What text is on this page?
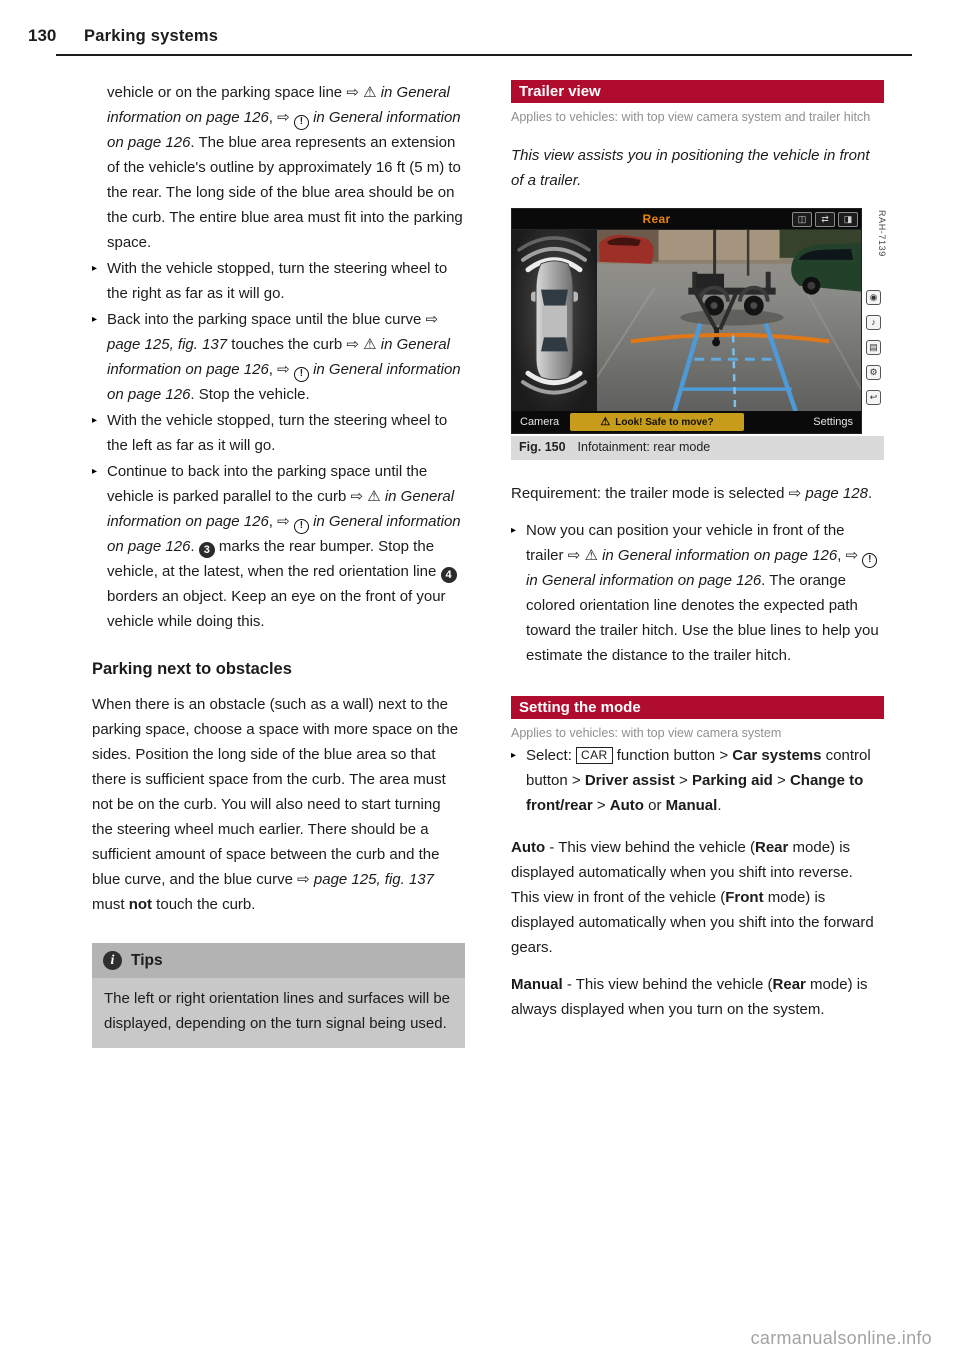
130 Parking systems
vehicle or on the parking space line ⇨ ⚠ in General information on page 126, ⇨ ! in General information on page 126. The blue area represents an extension of the vehicle's outline by approximately 16 ft (5 m) to the rear. The long side of the blue area should be on the curb. The entire blue area must fit into the parking space.
▸ With the vehicle stopped, turn the steering wheel to the right as far as it will go.
▸ Back into the parking space until the blue curve ⇨ page 125, fig. 137 touches the curb ⇨ ⚠ in General information on page 126, ⇨ ! in General information on page 126. Stop the vehicle.
▸ With the vehicle stopped, turn the steering wheel to the left as far as it will go.
▸ Continue to back into the parking space until the vehicle is parked parallel to the curb ⇨ ⚠ in General information on page 126, ⇨ ! in General information on page 126. 3 marks the rear bumper. Stop the vehicle, at the latest, when the red orientation line 4 borders an object. Keep an eye on the front of your vehicle while doing this.
Parking next to obstacles
When there is an obstacle (such as a wall) next to the parking space, choose a space with more space on the sides. Position the long side of the blue area so that there is sufficient space from the curb. The area must not be on the curb. You will also need to start turning the steering wheel much earlier. There should be a sufficient amount of space between the curb and the blue curve, and the blue curve ⇨ page 125, fig. 137 must not touch the curb.
i	Tips
The left or right orientation lines and surfaces will be displayed, depending on the turn signal being used.
Trailer view
Applies to vehicles: with top view camera system and trailer hitch
This view assists you in positioning the vehicle in front of a trailer.
Rear	◫	⇄	◨
Camera	⚠ Look! Safe to move?	Settings
RAH-7139
◉
♪
▤
⚙
↩
Fig. 150 Infotainment: rear mode
Requirement: the trailer mode is selected ⇨ page 128.
▸ Now you can position your vehicle in front of the trailer ⇨ ⚠ in General information on page 126, ⇨ ! in General information on page 126. The orange colored orientation line denotes the expected path toward the trailer hitch. Use the blue lines to help you estimate the distance to the trailer hitch.
Setting the mode
Applies to vehicles: with top view camera system
▸ Select: CAR function button > Car systems control button > Driver assist > Parking aid > Change to front/rear > Auto or Manual.
Auto - This view behind the vehicle (Rear mode) is displayed automatically when you shift into reverse. This view in front of the vehicle (Front mode) is displayed automatically when you shift into the forward gears.
Manual - This view behind the vehicle (Rear mode) is always displayed when you turn on the system.
carmanualsonline.info
